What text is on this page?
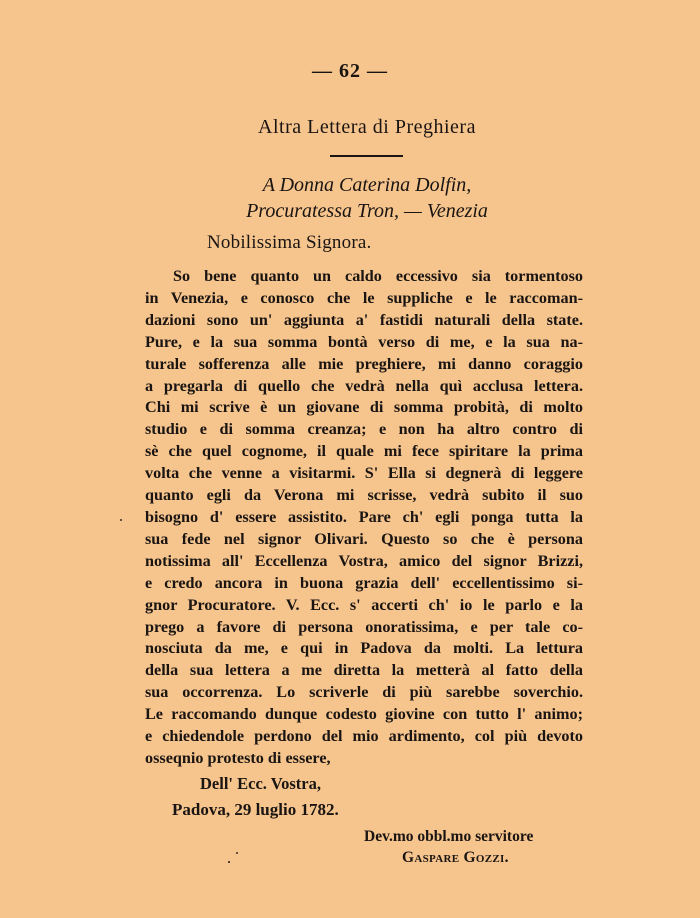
— 62 —
Altra Lettera di Preghiera
A Donna Caterina Dolfin,
Procuratessa Tron, — Venezia
Nobilissima Signora.
So bene quanto un caldo eccessivo sia tormentoso
in Venezia, e conosco che le suppliche e le raccoman-
dazioni sono un' aggiunta a' fastidi naturali della state.
Pure, e la sua somma bontà verso di me, e la sua na-
turale sofferenza alle mie preghiere, mi danno coraggio
a pregarla di quello che vedrà nella quì acclusa lettera.
Chi mi scrive è un giovane di somma probità, di molto
studio e di somma creanza; e non ha altro contro di
sè che quel cognome, il quale mi fece spiritare la prima
volta che venne a visitarmi. S' Ella si degnerà di leggere
quanto egli da Verona mi scrisse, vedrà subito il suo
bisogno d' essere assistito. Pare ch' egli ponga tutta la
sua fede nel signor Olivari. Questo so che è persona
notissima all' Eccellenza Vostra, amico del signor Brizzi,
e credo ancora in buona grazia dell' eccellentissimo si-
gnor Procuratore. V. Ecc. s' accerti ch' io le parlo e la
prego a favore di persona onoratissima, e per tale co-
nosciuta da me, e qui in Padova da molti. La lettura
della sua lettera a me diretta la metterà al fatto della
sua occorrenza. Lo scriverle di più sarebbe soverchio.
Le raccomando dunque codesto giovine con tutto l' animo;
e chiedendole perdono del mio ardimento, col più devoto
osseqnio protesto di essere,
Dell' Ecc. Vostra,
Padova, 29 luglio 1782.
Dev.mo obbl.mo servitore
Gaspare Gozzi.
